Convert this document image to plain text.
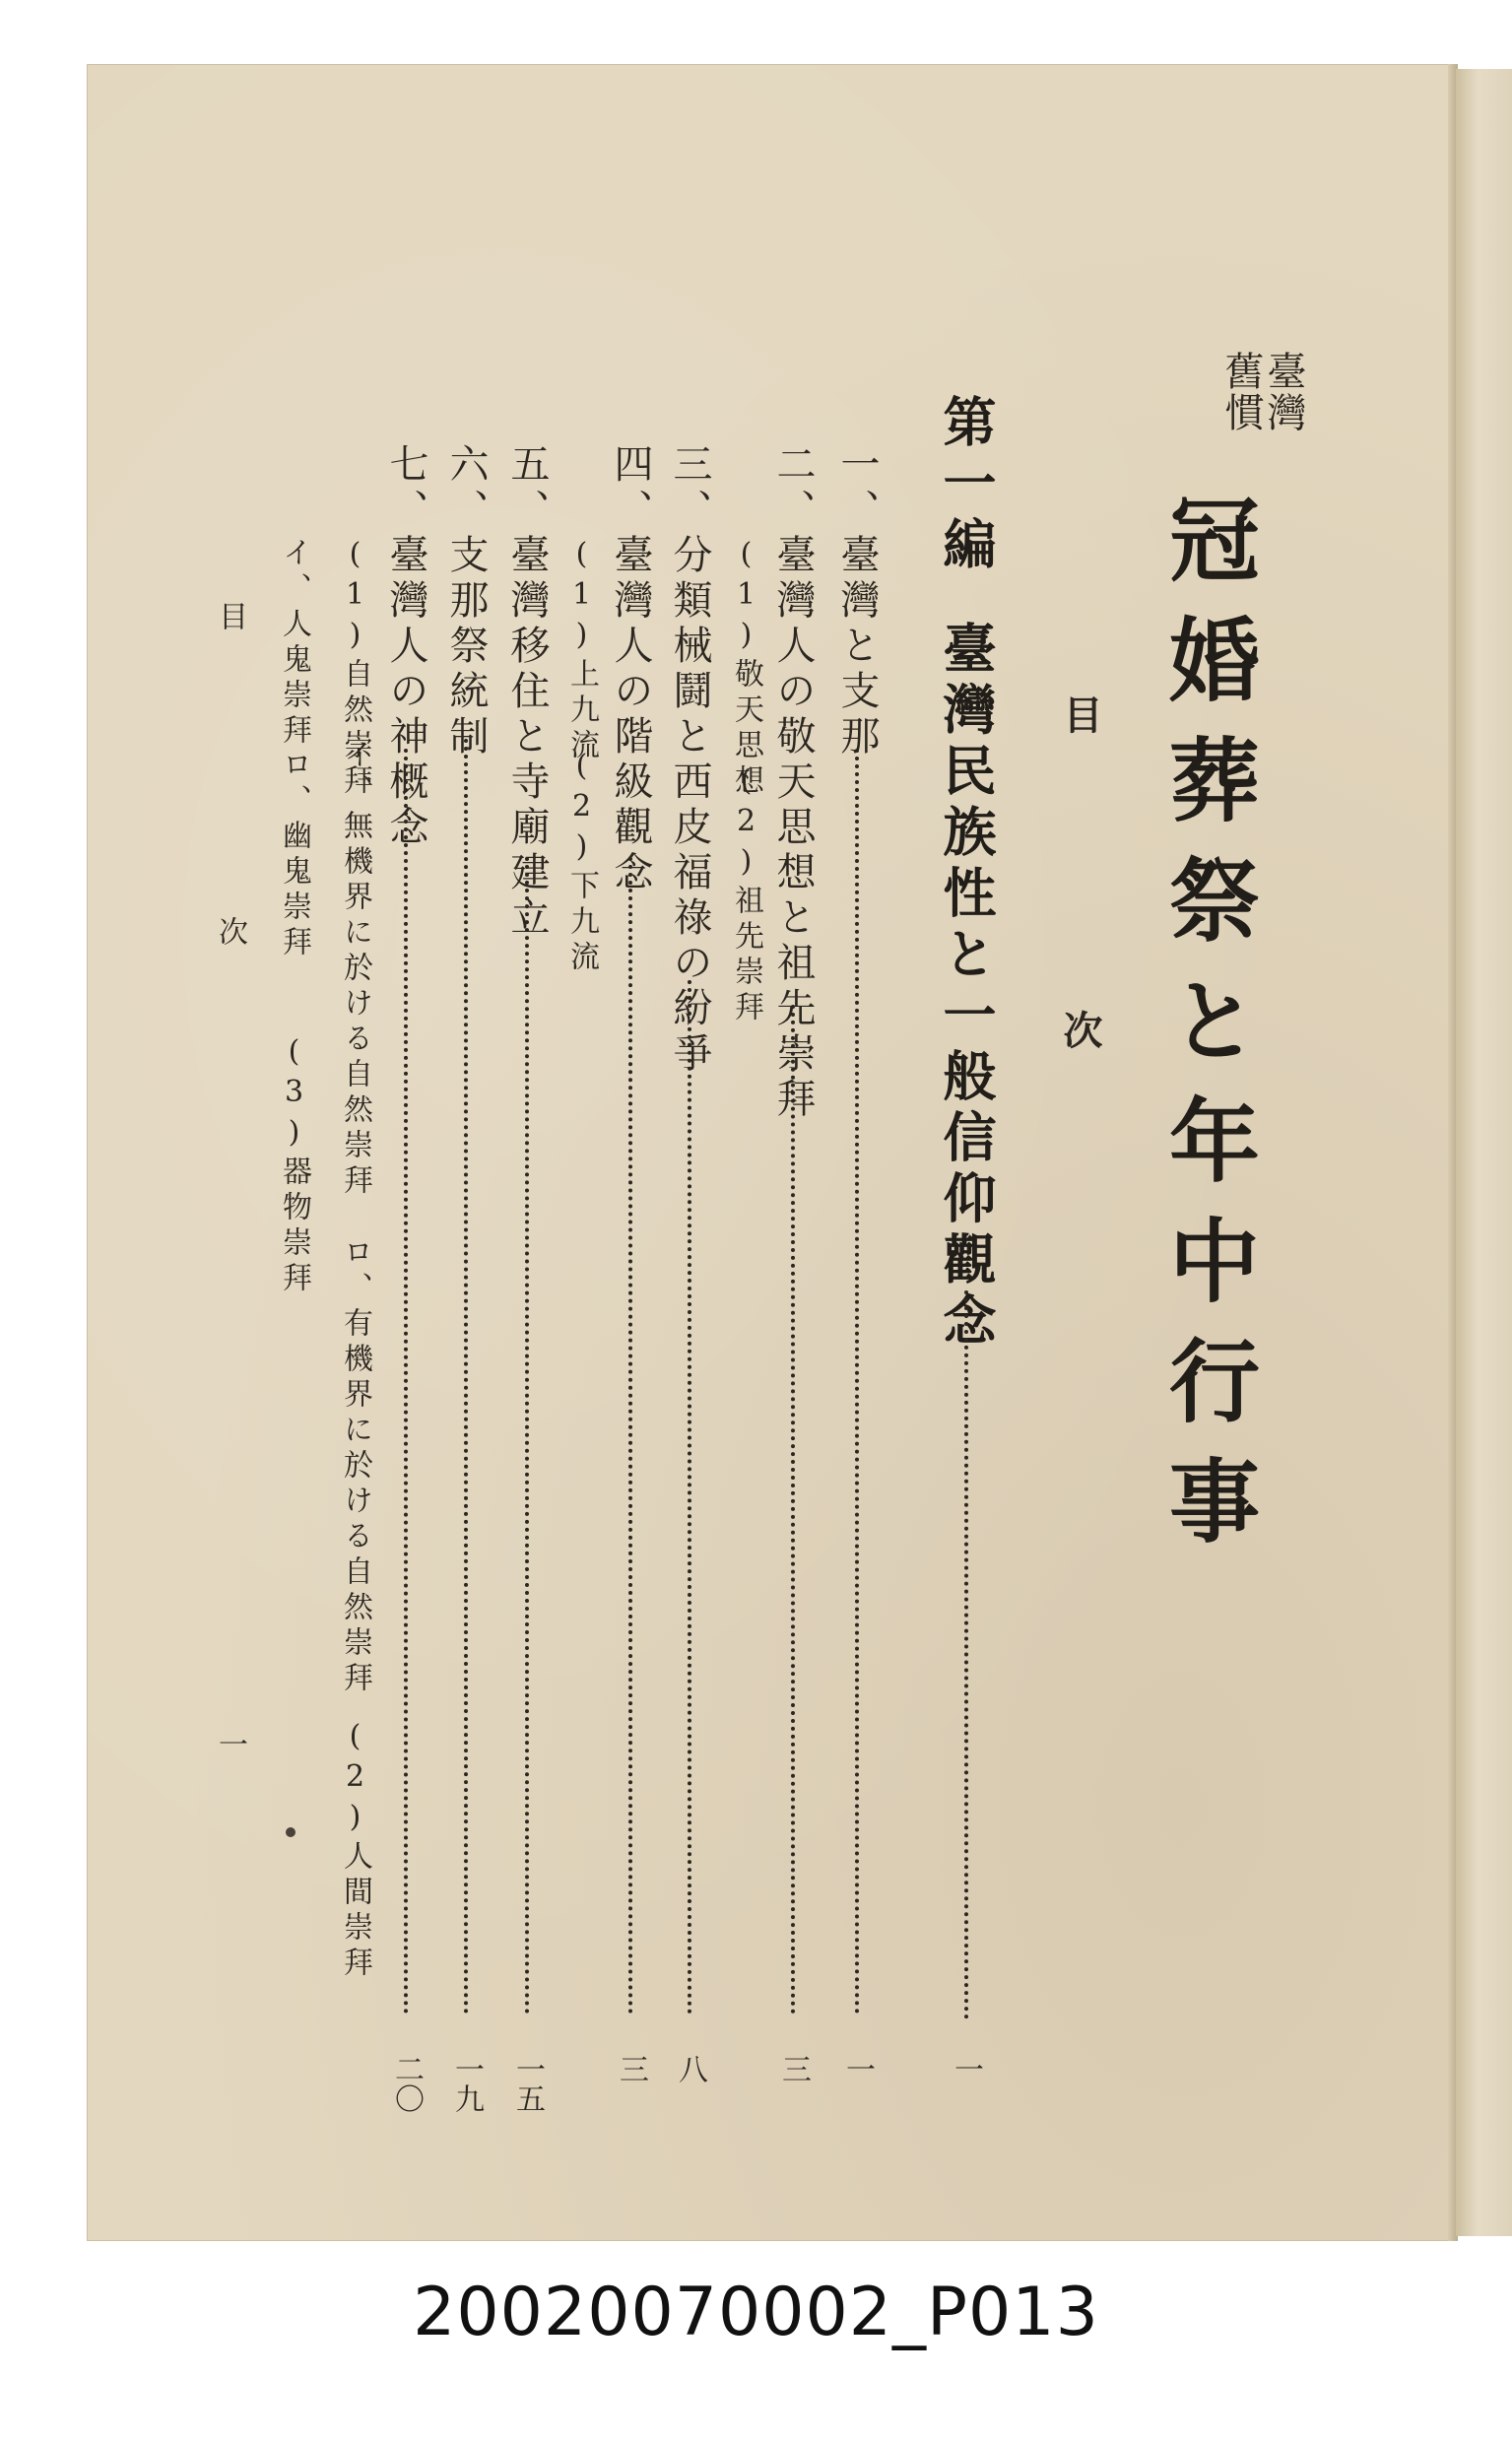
臺灣
舊慣
冠婚葬祭と年中行事
目　次
第一編
臺灣民族性と一般信仰觀念
一
一、臺灣と支那
一
二、臺灣人の敬天思想と祖先崇拜
三
(1)敬天思想
(2)祖先崇拜
三、分類械鬪と西皮福祿の紛爭
八
四、臺灣人の階級觀念
三
(1)上九流
(2)下九流
五、臺灣移住と寺廟建立
一五
六、支那祭統制
一九
七、臺灣人の神概念
二〇
(1)自然崇拜
イ、無機界に於ける自然崇拜
ロ、有機界に於ける自然崇拜
(2)人間崇拜
イ、人鬼崇拜
ロ、幽鬼崇拜
(3)器物崇拜
目　次
一
20020070002_P013
